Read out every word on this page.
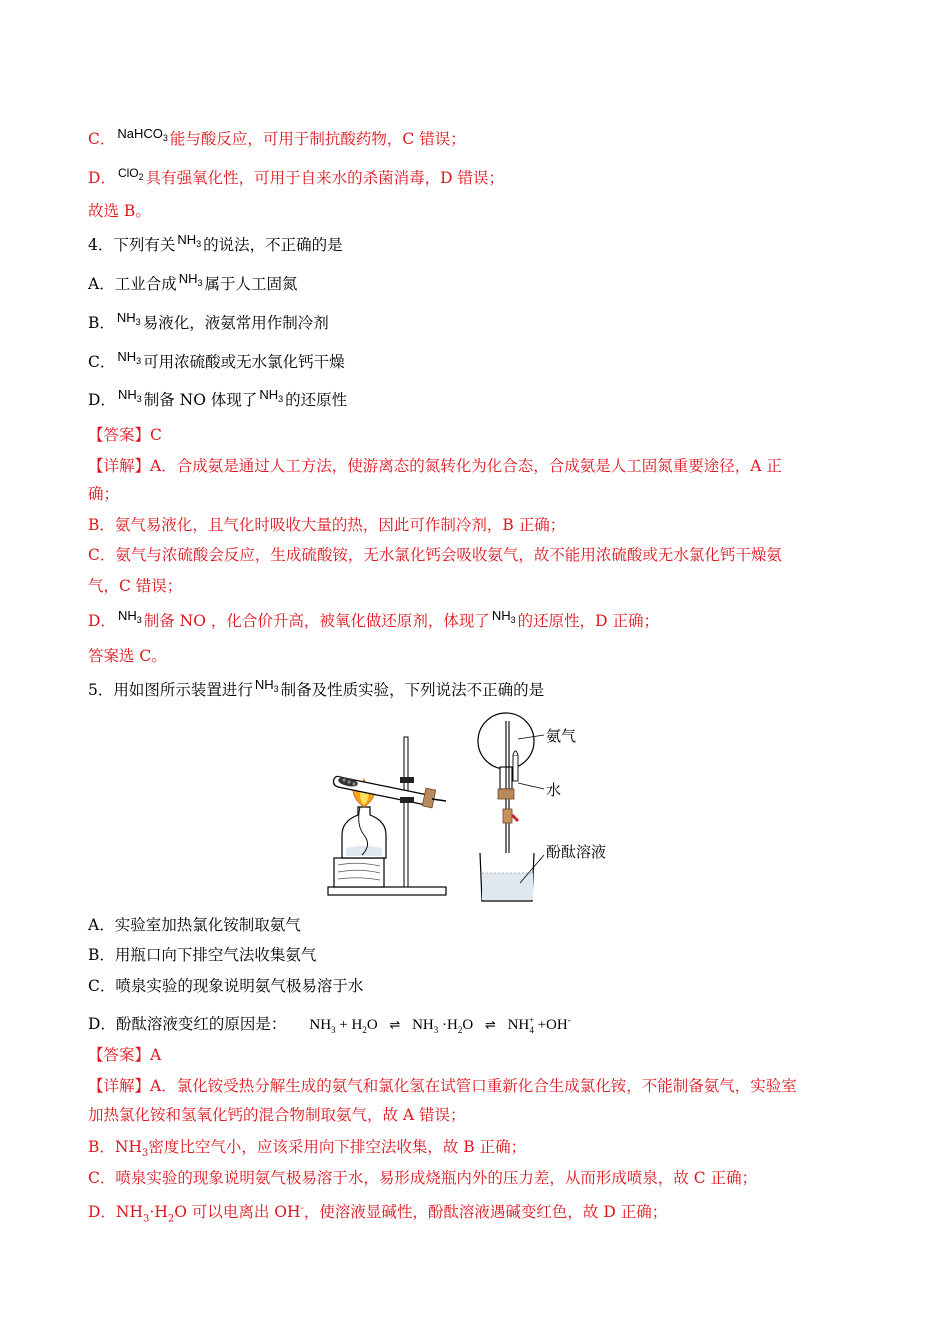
C． $^{NaHCO_3}$ 能与酸反应，可用于制抗酸药物，C 错误；
D． $^{ClO_2}$ 具有强氧化性，可用于自来水的杀菌消毒，D 错误；
故选 B。
4．下列有关 $^{NH_3}$ 的说法，不正确的是
A．工业合成 $^{NH_3}$ 属于人工固氮
B． $^{NH_3}$ 易液化，液氨常用作制冷剂
C． $^{NH_3}$ 可用浓硫酸或无水氯化钙干燥
D． $^{NH_3}$ 制备 NO 体现了 $^{NH_3}$ 的还原性
【答案】C
【详解】A．合成氨是通过人工方法，使游离态的氮转化为化合态，合成氨是人工固氮重要途径，A 正
确；
B．氨气易液化，且气化时吸收大量的热，因此可作制冷剂，B 正确；
C．氨气与浓硫酸会反应，生成硫酸铵，无水氯化钙会吸收氨气，故不能用浓硫酸或无水氯化钙干燥氨
气，C 错误；
D． $^{NH_3}$ 制备 NO ，化合价升高，被氧化做还原剂，体现了 $^{NH_3}$ 的还原性，D 正确；
答案选 C。
5．用如图所示装置进行 $^{NH_3}$ 制备及性质实验，下列说法不正确的是
氨气
水
酚酞溶液
A．实验室加热氯化铵制取氨气
B．用瓶口向下排空气法收集氨气
C．喷泉实验的现象说明氨气极易溶于水
D．酚酞溶液变红的原因是： $NH_3 + H_2O$ ⇌ $NH_3 \cdot H_2O$ ⇌ $NH^+_4 +OH^-$
【答案】A
【详解】A．氯化铵受热分解生成的氨气和氯化氢在试管口重新化合生成氯化铵，不能制备氨气，实验室
加热氯化铵和氢氧化钙的混合物制取氨气，故 A 错误；
B．$NH_3$密度比空气小，应该采用向下排空法收集，故 B 正确；
C．喷泉实验的现象说明氨气极易溶于水，易形成烧瓶内外的压力差，从而形成喷泉，故 C 正确；
D．$NH_3\cdot H_2O$ 可以电离出 OH-，使溶液显碱性，酚酞溶液遇碱变红色，故 D 正确；
